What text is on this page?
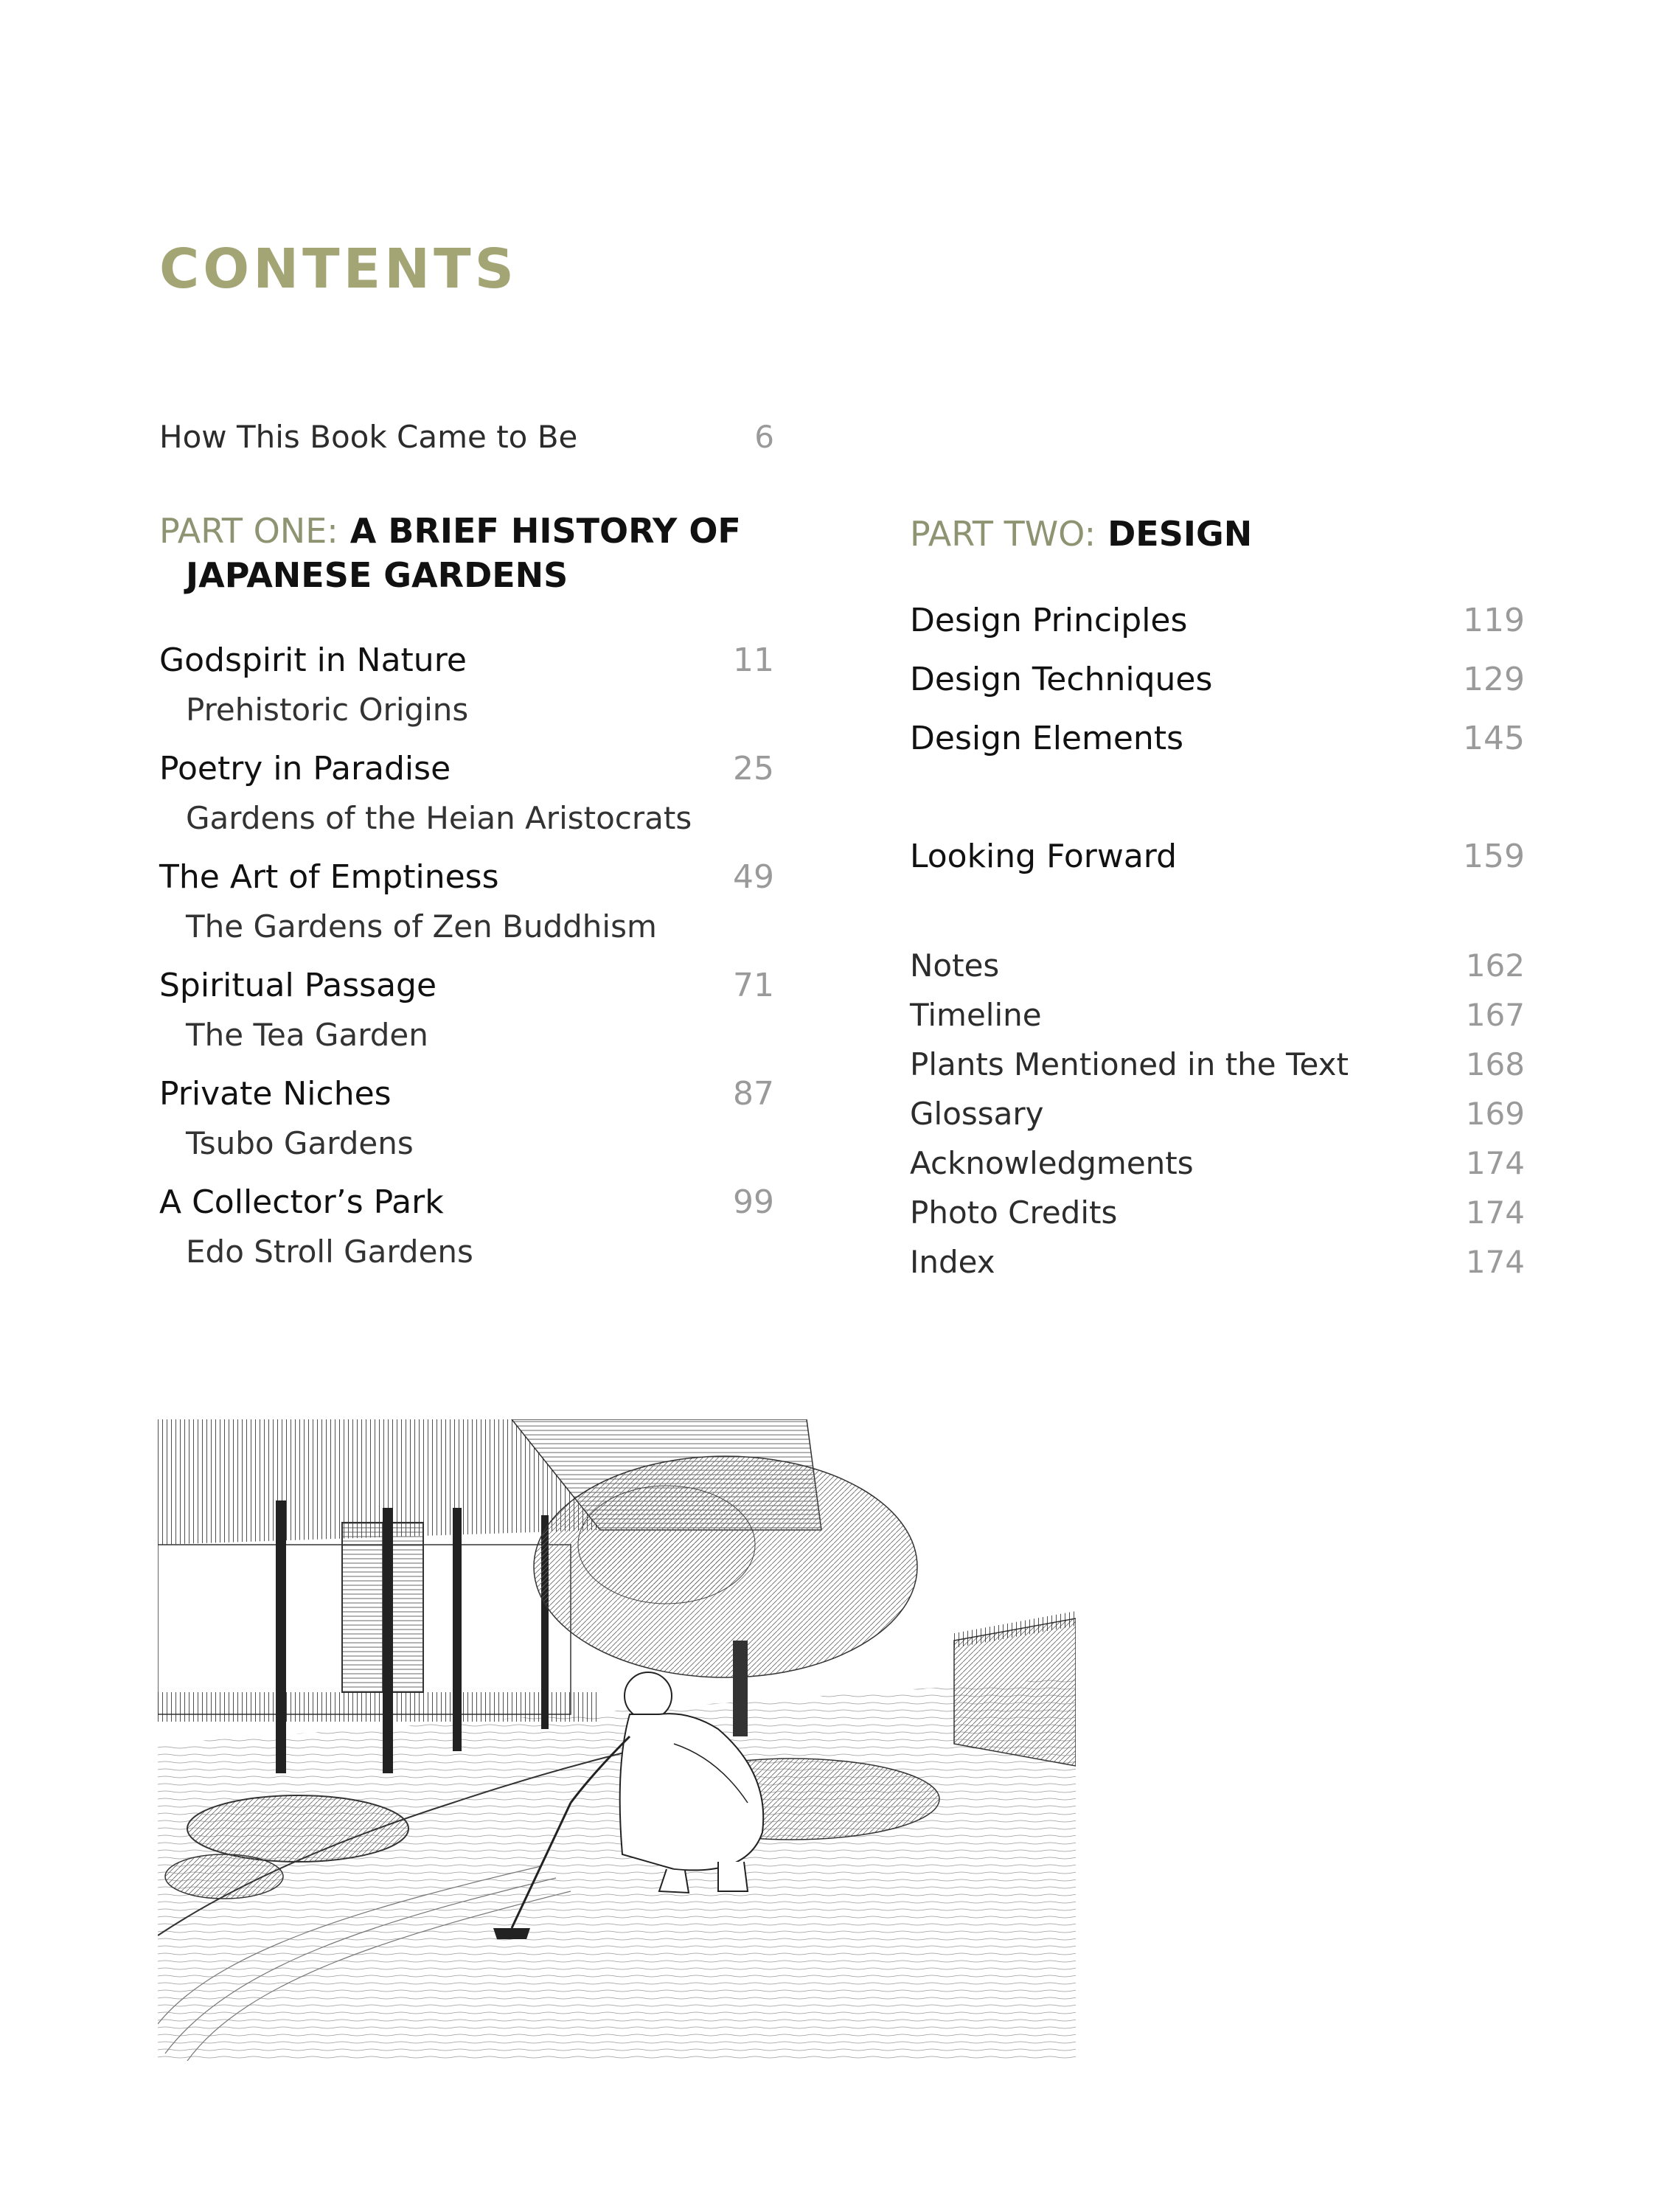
CONTENTS
How This Book Came to Be	6
PART ONE: A BRIEF HISTORY OF
JAPANESE GARDENS
Godspirit in Nature	11
Prehistoric Origins
Poetry in Paradise	25
Gardens of the Heian Aristocrats
The Art of Emptiness	49
The Gardens of Zen Buddhism
Spiritual Passage	71
The Tea Garden
Private Niches	87
Tsubo Gardens
A Collector’s Park	99
Edo Stroll Gardens
PART TWO: DESIGN
Design Principles	119
Design Techniques	129
Design Elements	145
Looking Forward	159
Notes	162
Timeline	167
Plants Mentioned in the Text	168
Glossary	169
Acknowledgments	174
Photo Credits	174
Index	174
